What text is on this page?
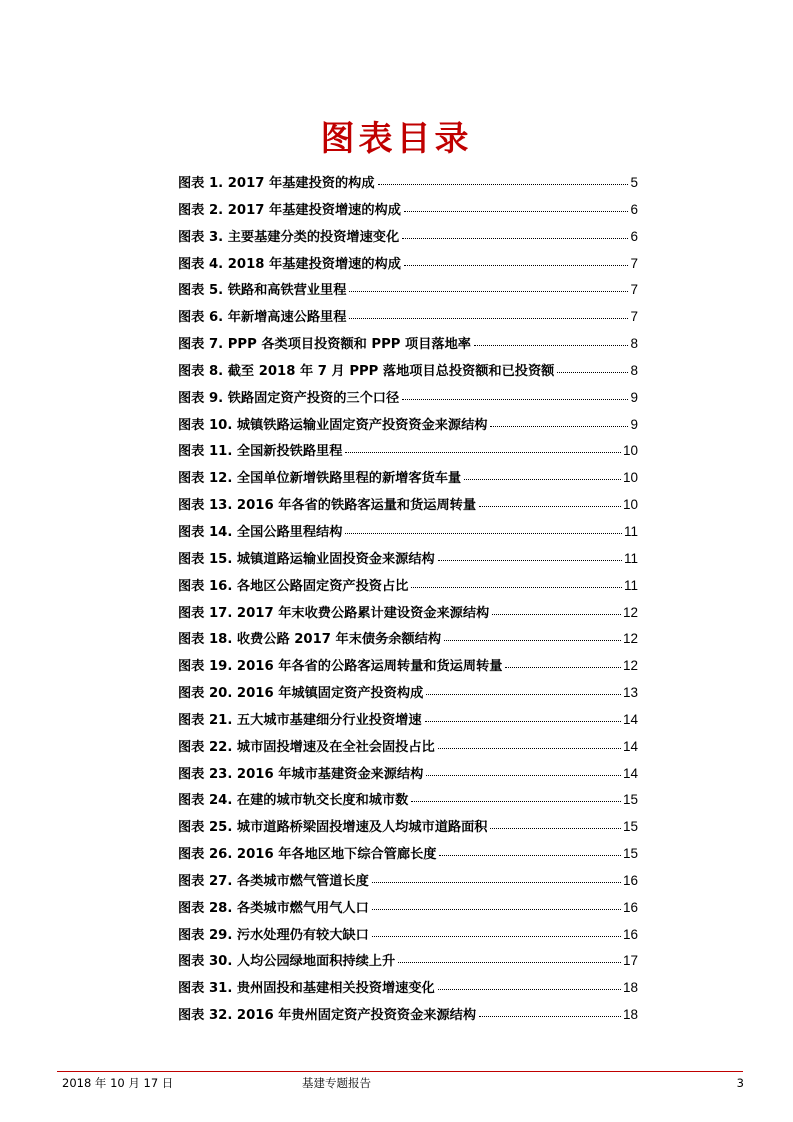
图表目录
图表 1. 2017 年基建投资的构成	5
图表 2. 2017 年基建投资增速的构成	6
图表 3. 主要基建分类的投资增速变化	6
图表 4. 2018 年基建投资增速的构成	7
图表 5. 铁路和高铁营业里程	7
图表 6. 年新增高速公路里程	7
图表 7. PPP 各类项目投资额和 PPP 项目落地率	8
图表 8. 截至 2018 年 7 月 PPP 落地项目总投资额和已投资额	8
图表 9. 铁路固定资产投资的三个口径	9
图表 10. 城镇铁路运输业固定资产投资资金来源结构	9
图表 11. 全国新投铁路里程	10
图表 12. 全国单位新增铁路里程的新增客货车量	10
图表 13. 2016 年各省的铁路客运量和货运周转量	10
图表 14. 全国公路里程结构	11
图表 15. 城镇道路运输业固投资金来源结构	11
图表 16. 各地区公路固定资产投资占比	11
图表 17. 2017 年末收费公路累计建设资金来源结构	12
图表 18. 收费公路 2017 年末债务余额结构	12
图表 19. 2016 年各省的公路客运周转量和货运周转量	12
图表 20. 2016 年城镇固定资产投资构成	13
图表 21. 五大城市基建细分行业投资增速	14
图表 22. 城市固投增速及在全社会固投占比	14
图表 23. 2016 年城市基建资金来源结构	14
图表 24. 在建的城市轨交长度和城市数	15
图表 25. 城市道路桥梁固投增速及人均城市道路面积	15
图表 26. 2016 年各地区地下综合管廊长度	15
图表 27. 各类城市燃气管道长度	16
图表 28. 各类城市燃气用气人口	16
图表 29. 污水处理仍有较大缺口	16
图表 30. 人均公园绿地面积持续上升	17
图表 31. 贵州固投和基建相关投资增速变化	18
图表 32. 2016 年贵州固定资产投资资金来源结构	18
2018 年 10 月 17 日	基建专题报告	3
